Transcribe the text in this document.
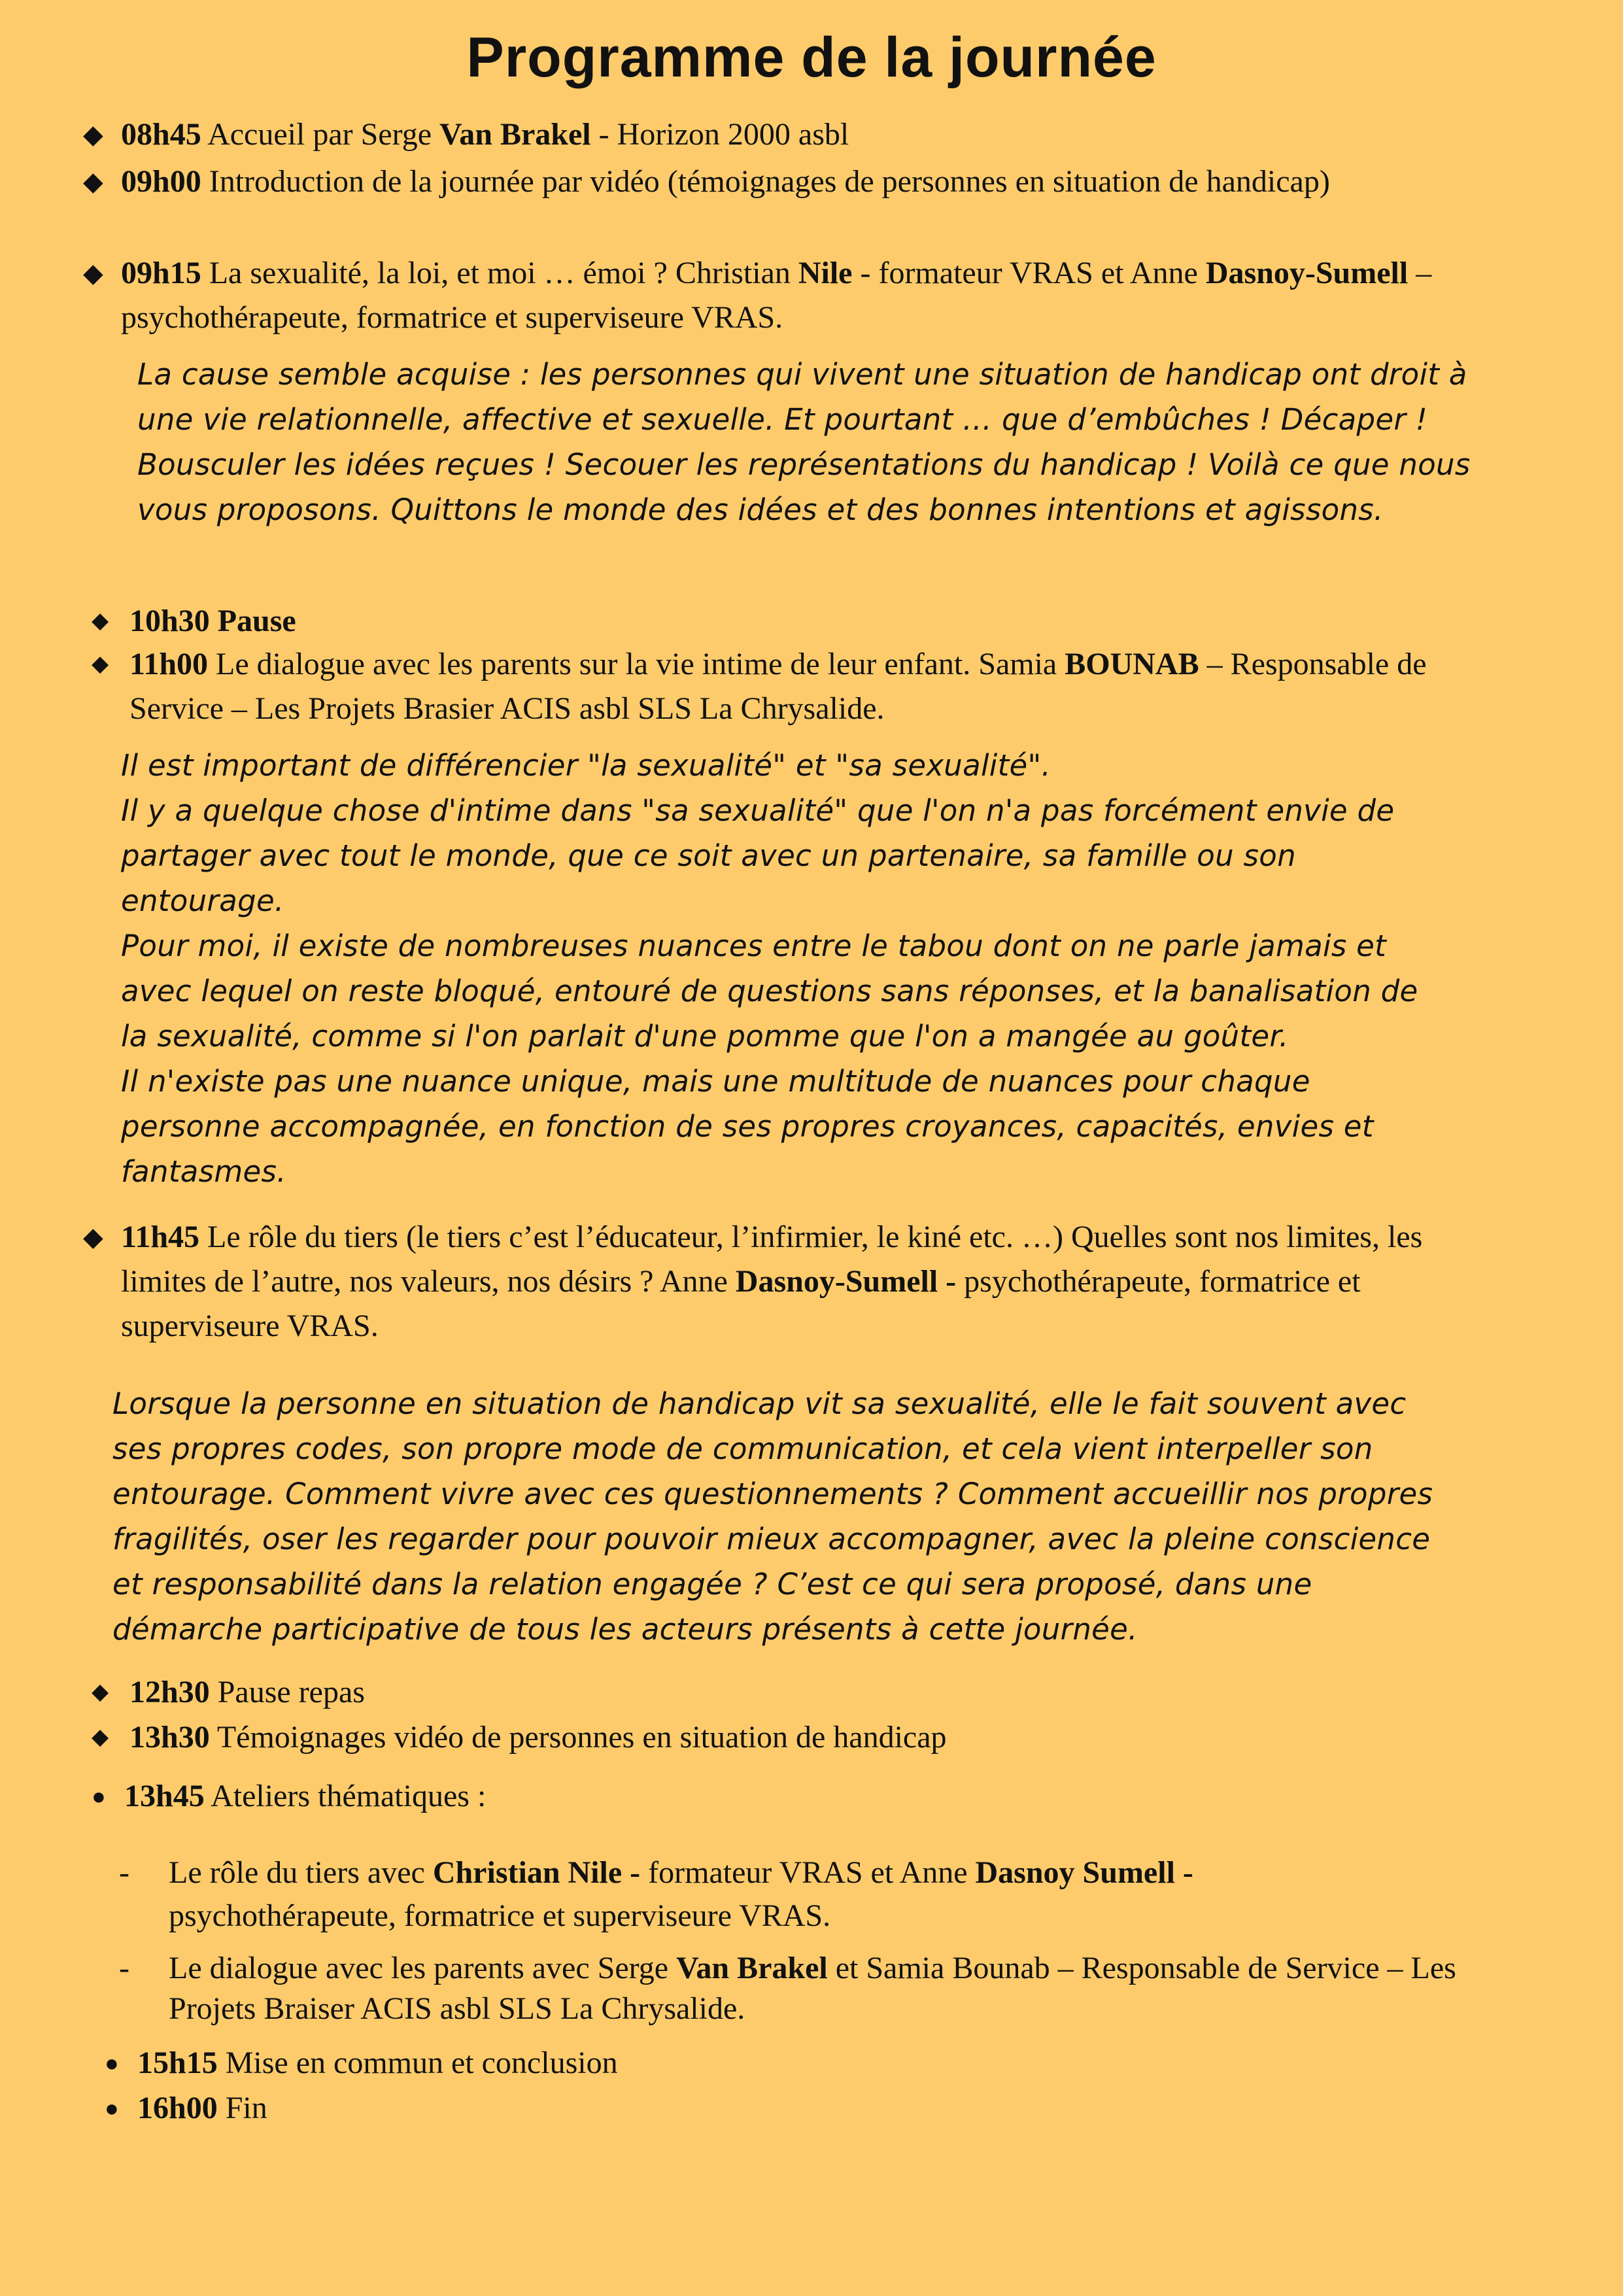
Programme de la journée
◆ 08h45 Accueil par Serge Van Brakel - Horizon 2000 asbl
◆ 09h00 Introduction de la journée par vidéo (témoignages de personnes en situation de handicap)
◆ 09h15 La sexualité, la loi, et moi … émoi ? Christian Nile - formateur VRAS et Anne Dasnoy-Sumell – psychothérapeute, formatrice et superviseure VRAS.
La cause semble acquise : les personnes qui vivent une situation de handicap ont droit à une vie relationnelle, affective et sexuelle. Et pourtant … que d’embûches ! Décaper ! Bousculer les idées reçues ! Secouer les représentations du handicap ! Voilà ce que nous vous proposons. Quittons le monde des idées et des bonnes intentions et agissons.
◆ 10h30 Pause
◆ 11h00 Le dialogue avec les parents sur la vie intime de leur enfant. Samia BOUNAB – Responsable de Service – Les Projets Brasier ACIS asbl SLS La Chrysalide.
Il est important de différencier "la sexualité" et "sa sexualité".
Il y a quelque chose d'intime dans "sa sexualité" que l'on n'a pas forcément envie de partager avec tout le monde, que ce soit avec un partenaire, sa famille ou son entourage.
Pour moi, il existe de nombreuses nuances entre le tabou dont on ne parle jamais et avec lequel on reste bloqué, entouré de questions sans réponses, et la banalisation de la sexualité, comme si l'on parlait d'une pomme que l'on a mangée au goûter.
Il n'existe pas une nuance unique, mais une multitude de nuances pour chaque personne accompagnée, en fonction de ses propres croyances, capacités, envies et fantasmes.
◆ 11h45 Le rôle du tiers (le tiers c’est l’éducateur, l’infirmier, le kiné etc. …) Quelles sont nos limites, les limites de l’autre, nos valeurs, nos désirs ? Anne Dasnoy-Sumell - psychothérapeute, formatrice et superviseure VRAS.
Lorsque la personne en situation de handicap vit sa sexualité, elle le fait souvent avec ses propres codes, son propre mode de communication, et cela vient interpeller son entourage. Comment vivre avec ces questionnements ? Comment accueillir nos propres fragilités, oser les regarder pour pouvoir mieux accompagner, avec la pleine conscience et responsabilité dans la relation engagée ? C’est ce qui sera proposé, dans une démarche participative de tous les acteurs présents à cette journée.
◆ 12h30 Pause repas
◆ 13h30 Témoignages vidéo de personnes en situation de handicap
● 13h45 Ateliers thématiques :
- Le rôle du tiers avec Christian Nile - formateur VRAS et Anne Dasnoy Sumell - psychothérapeute, formatrice et superviseure VRAS.
- Le dialogue avec les parents avec Serge Van Brakel et Samia Bounab – Responsable de Service – Les Projets Braiser ACIS asbl SLS La Chrysalide.
● 15h15 Mise en commun et conclusion
● 16h00 Fin
